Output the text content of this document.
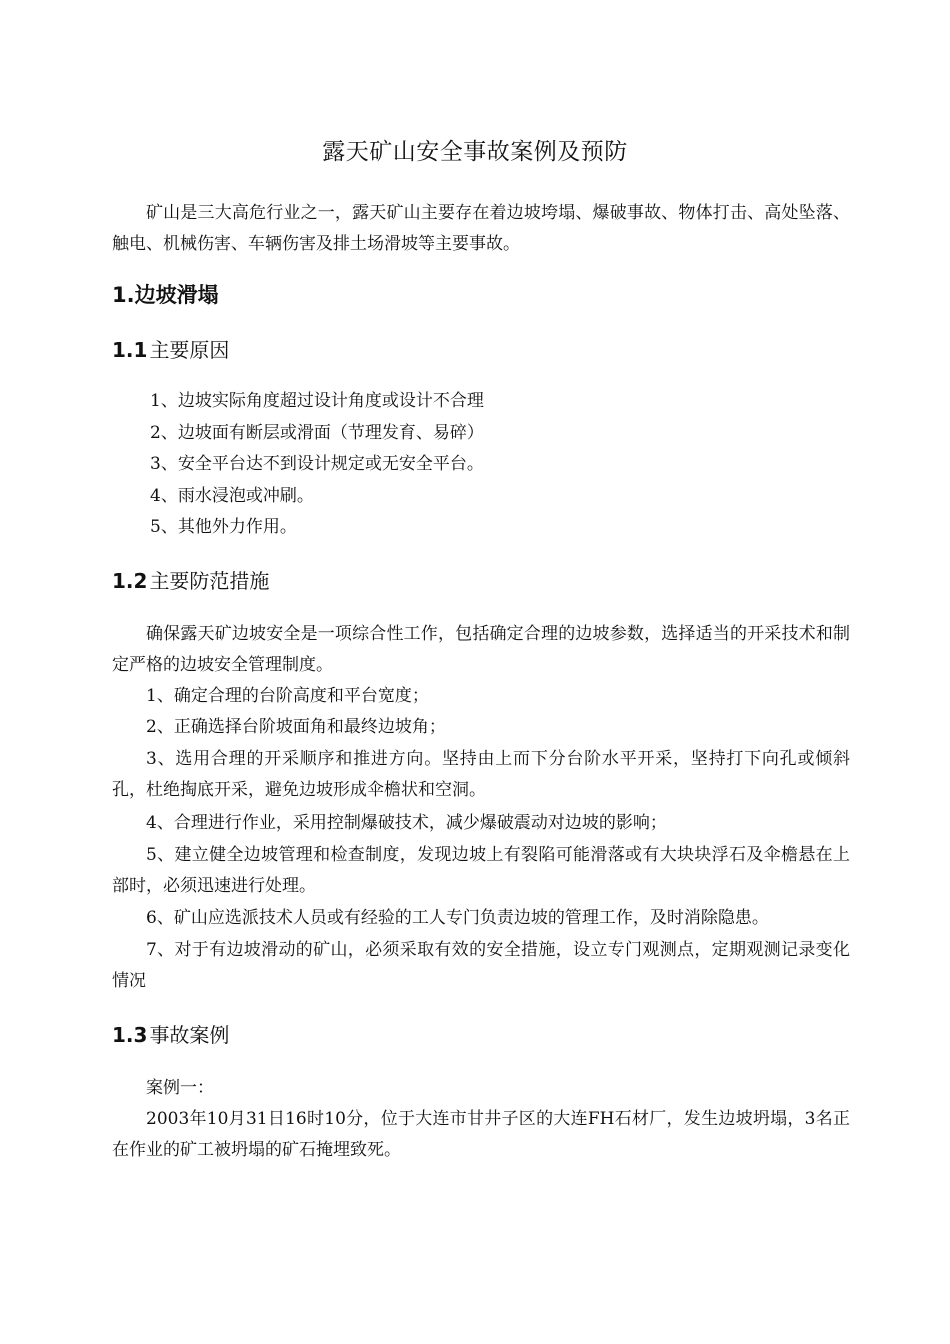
露天矿山安全事故案例及预防

矿山是三大高危行业之一，露天矿山主要存在着边坡垮塌、爆破事故、物体打击、高处坠落、触电、机械伤害、车辆伤害及排土场滑坡等主要事故。

1.边坡滑塌
1.1 主要原因
1、边坡实际角度超过设计角度或设计不合理
2、边坡面有断层或滑面（节理发育、易碎）
3、安全平台达不到设计规定或无安全平台。
4、雨水浸泡或冲刷。
5、其他外力作用。
1.2 主要防范措施

确保露天矿边坡安全是一项综合性工作，包括确定合理的边坡参数，选择适当的开采技术和制定严格的边坡安全管理制度。

1、确定合理的台阶高度和平台宽度；

2、正确选择台阶坡面角和最终边坡角；

3、选用合理的开采顺序和推进方向。坚持由上而下分台阶水平开采，坚持打下向孔或倾斜孔，杜绝掏底开采，避免边坡形成伞檐状和空洞。

4、合理进行作业，采用控制爆破技术，减少爆破震动对边坡的影响；

5、建立健全边坡管理和检查制度，发现边坡上有裂陷可能滑落或有大块块浮石及伞檐悬在上部时，必须迅速进行处理。

6、矿山应选派技术人员或有经验的工人专门负责边坡的管理工作，及时消除隐患。

7、对于有边坡滑动的矿山，必须采取有效的安全措施，设立专门观测点，定期观测记录变化情况

1.3 事故案例

案例一：

2003年10月31日16时10分，位于大连市甘井子区的大连FH石材厂，发生边坡坍塌，3名正在作业的矿工被坍塌的矿石掩埋致死。
